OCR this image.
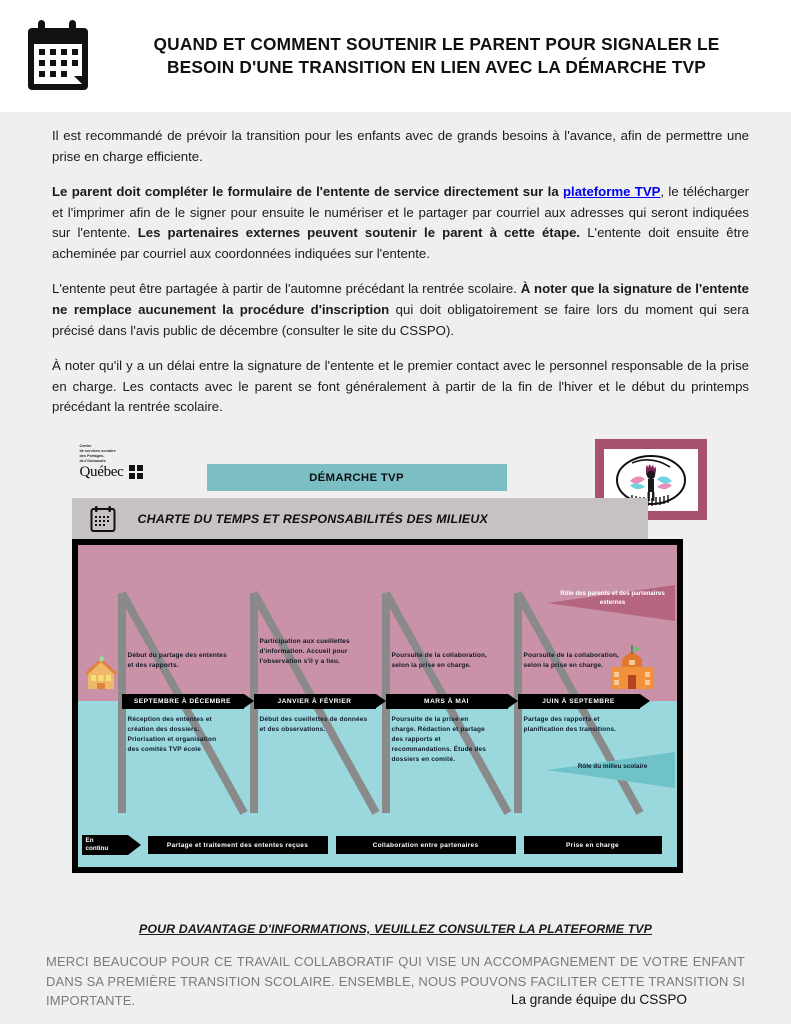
QUAND ET COMMENT SOUTENIR LE PARENT POUR SIGNALER LE
BESOIN D'UNE TRANSITION EN LIEN AVEC LA DÉMARCHE TVP

Il est recommandé de prévoir la transition pour les enfants avec de grands besoins à l'avance, afin de permettre une prise en charge efficiente.

Le parent doit compléter le formulaire de l'entente de service directement sur la plateforme TVP, le télécharger et l'imprimer afin de le signer pour ensuite le numériser et le partager par courriel aux adresses qui seront indiquées sur l'entente. Les partenaires externes peuvent soutenir le parent à cette étape. L'entente doit ensuite être acheminée par courriel aux coordonnées indiquées sur l'entente.

L'entente peut être partagée à partir de l'automne précédant la rentrée scolaire. À noter que la signature de l'entente ne remplace aucunement la procédure d'inscription qui doit obligatoirement se faire lors du moment qui sera précisé dans l'avis public de décembre (consulter le site du CSSPO).

À noter qu'il y a un délai entre la signature de l'entente et le premier contact avec le personnel responsable de la prise en charge. Les contacts avec le parent se font généralement à partir de la fin de l'hiver et le début du printemps précédant la rentrée scolaire.

Centre
de services scolaire
des Portages-
de-l'Outaouais
Québec	DÉMARCHE TVP
CHARTE DU TEMPS ET RESPONSABILITÉS DES MILIEUX
Rôle des parents et des partenaires externes
Rôle du milieu scolaire
Début du partage des ententes et des rapports.
Participation aux cueillettes d'information. Accueil pour l'observation s'il y a lieu.
Poursuite de la collaboration, selon la prise en charge.
Poursuite de la collaboration, selon la prise en charge.
SEPTEMBRE À DÉCEMBRE	JANVIER À FÉVRIER	MARS À MAI	JUIN À SEPTEMBRE
Réception des ententes et création des dossiers. Priorisation et organisation des comités TVP école
Début des cueillettes de données et des observations.
Poursuite de la prise en charge. Rédaction et partage des rapports et recommandations. Étude des dossiers en comité.
Partage des rapports et planification des transitions.
En
continu	Partage et traitement des ententes reçues	Collaboration entre partenaires	Prise en charge
POUR DAVANTAGE D'INFORMATIONS, VEUILLEZ CONSULTER LA PLATEFORME TVP
MERCI BEAUCOUP POUR CE TRAVAIL COLLABORATIF QUI VISE UN ACCOMPAGNEMENT DE VOTRE ENFANT DANS SA PREMIÈRE TRANSITION SCOLAIRE. ENSEMBLE, NOUS POUVONS FACILITER CETTE TRANSITION SI IMPORTANTE.	La grande équipe du CSSPO
